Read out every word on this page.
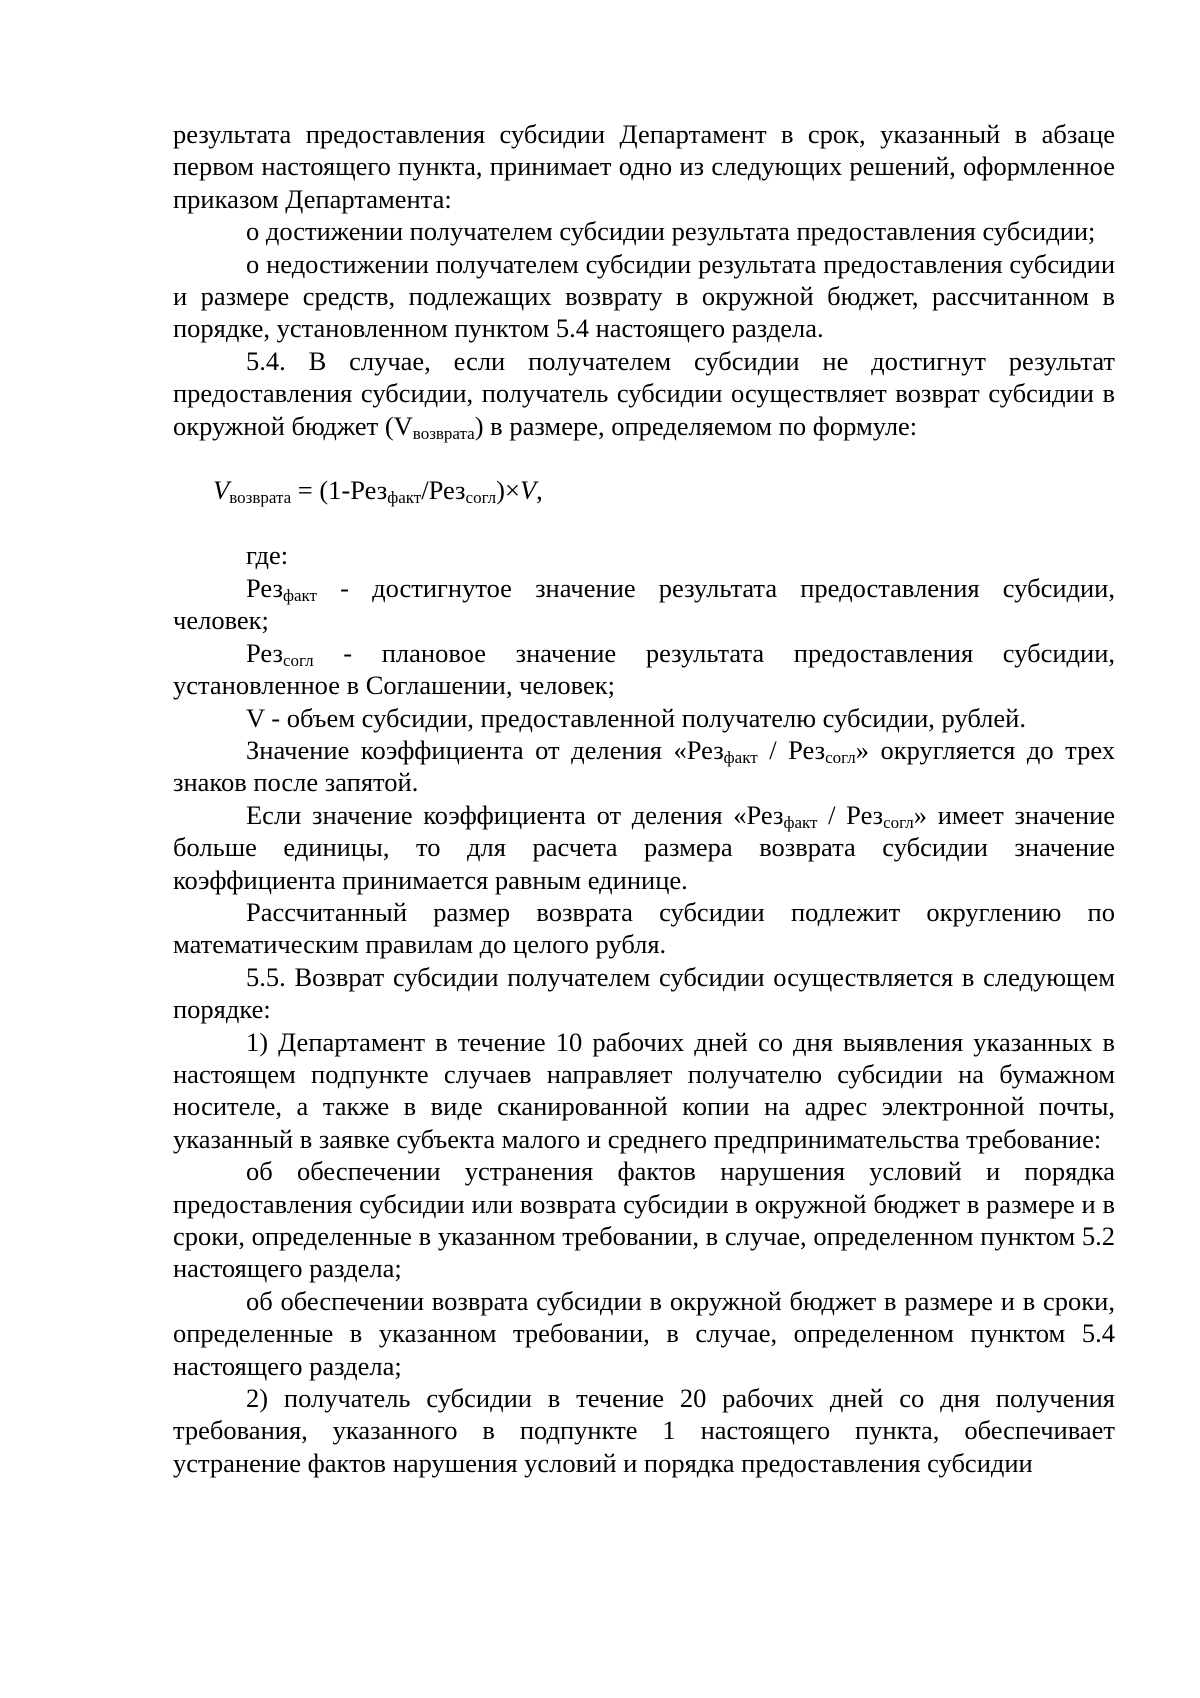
результата предоставления субсидии Департамент в срок, указанный в абзаце первом настоящего пункта, принимает одно из следующих решений, оформленное приказом Департамента:

о достижении получателем субсидии результата предоставления субсидии;

о недостижении получателем субсидии результата предоставления субсидии и размере средств, подлежащих возврату в окружной бюджет, рассчитанном в порядке, установленном пунктом 5.4 настоящего раздела.

5.4. В случае, если получателем субсидии не достигнут результат предоставления субсидии, получатель субсидии осуществляет возврат субсидии в окружной бюджет $(V_{возврата})$ в размере, определяемом по формуле:

$V_{возврата} = (1-Рез_{факт}/Рез_{согл})\times V$,

где:

Рез$_{факт}$ - достигнутое значение результата предоставления субсидии, человек;

Рез$_{согл}$ - плановое значение результата предоставления субсидии, установленное в Соглашении, человек;

V - объем субсидии, предоставленной получателю субсидии, рублей.

Значение коэффициента от деления «Рез$_{факт}$ / Рез$_{согл}$» округляется до трех знаков после запятой.

Если значение коэффициента от деления «Рез$_{факт}$ / Рез$_{согл}$» имеет значение больше единицы, то для расчета размера возврата субсидии значение коэффициента принимается равным единице.

Рассчитанный размер возврата субсидии подлежит округлению по математическим правилам до целого рубля.

5.5. Возврат субсидии получателем субсидии осуществляется в следующем порядке:

1) Департамент в течение 10 рабочих дней со дня выявления указанных в настоящем подпункте случаев направляет получателю субсидии на бумажном носителе, а также в виде сканированной копии на адрес электронной почты, указанный в заявке субъекта малого и среднего предпринимательства требование:

об обеспечении устранения фактов нарушения условий и порядка предоставления субсидии или возврата субсидии в окружной бюджет в размере и в сроки, определенные в указанном требовании, в случае, определенном пунктом 5.2 настоящего раздела;

об обеспечении возврата субсидии в окружной бюджет в размере и в сроки, определенные в указанном требовании, в случае, определенном пунктом 5.4 настоящего раздела;

2) получатель субсидии в течение 20 рабочих дней со дня получения требования, указанного в подпункте 1 настоящего пункта, обеспечивает устранение фактов нарушения условий и порядка предоставления субсидии
